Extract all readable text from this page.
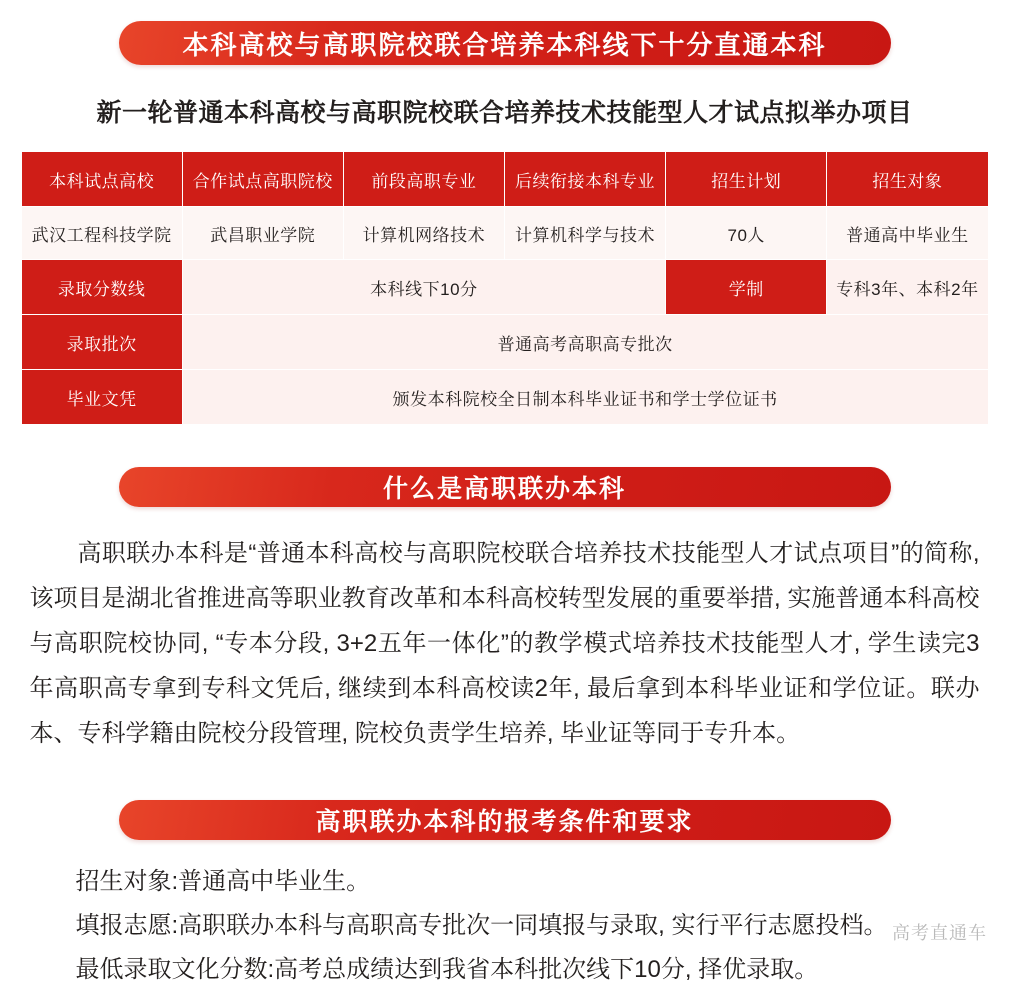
本科高校与高职院校联合培养本科线下十分直通本科
新一轮普通本科高校与高职院校联合培养技术技能型人才试点拟举办项目
本科试点高校	合作试点高职院校	前段高职专业	后续衔接本科专业	招生计划	招生对象
武汉工程科技学院	武昌职业学院	计算机网络技术	计算机科学与技术	70人	普通高中毕业生
录取分数线	本科线下10分			学制	专科3年、本科2年
录取批次	普通高考高职高专批次				
毕业文凭	颁发本科院校全日制本科毕业证书和学士学位证书				
什么是高职联办本科

高职联办本科是“普通本科高校与高职院校联合培养技术技能型人才试点项目”的简称, 该项目是湖北省推进高等职业教育改革和本科高校转型发展的重要举措, 实施普通本科高校与高职院校协同, “专本分段, 3+2五年一体化”的教学模式培养技术技能型人才, 学生读完3年高职高专拿到专科文凭后, 继续到本科高校读2年, 最后拿到本科毕业证和学位证。联办本、专科学籍由院校分段管理, 院校负责学生培养, 毕业证等同于专升本。

高职联办本科的报考条件和要求
招生对象:普通高中毕业生。
填报志愿:高职联办本科与高职高专批次一同填报与录取, 实行平行志愿投档。
最低录取文化分数:高考总成绩达到我省本科批次线下10分, 择优录取。
高考直通车
